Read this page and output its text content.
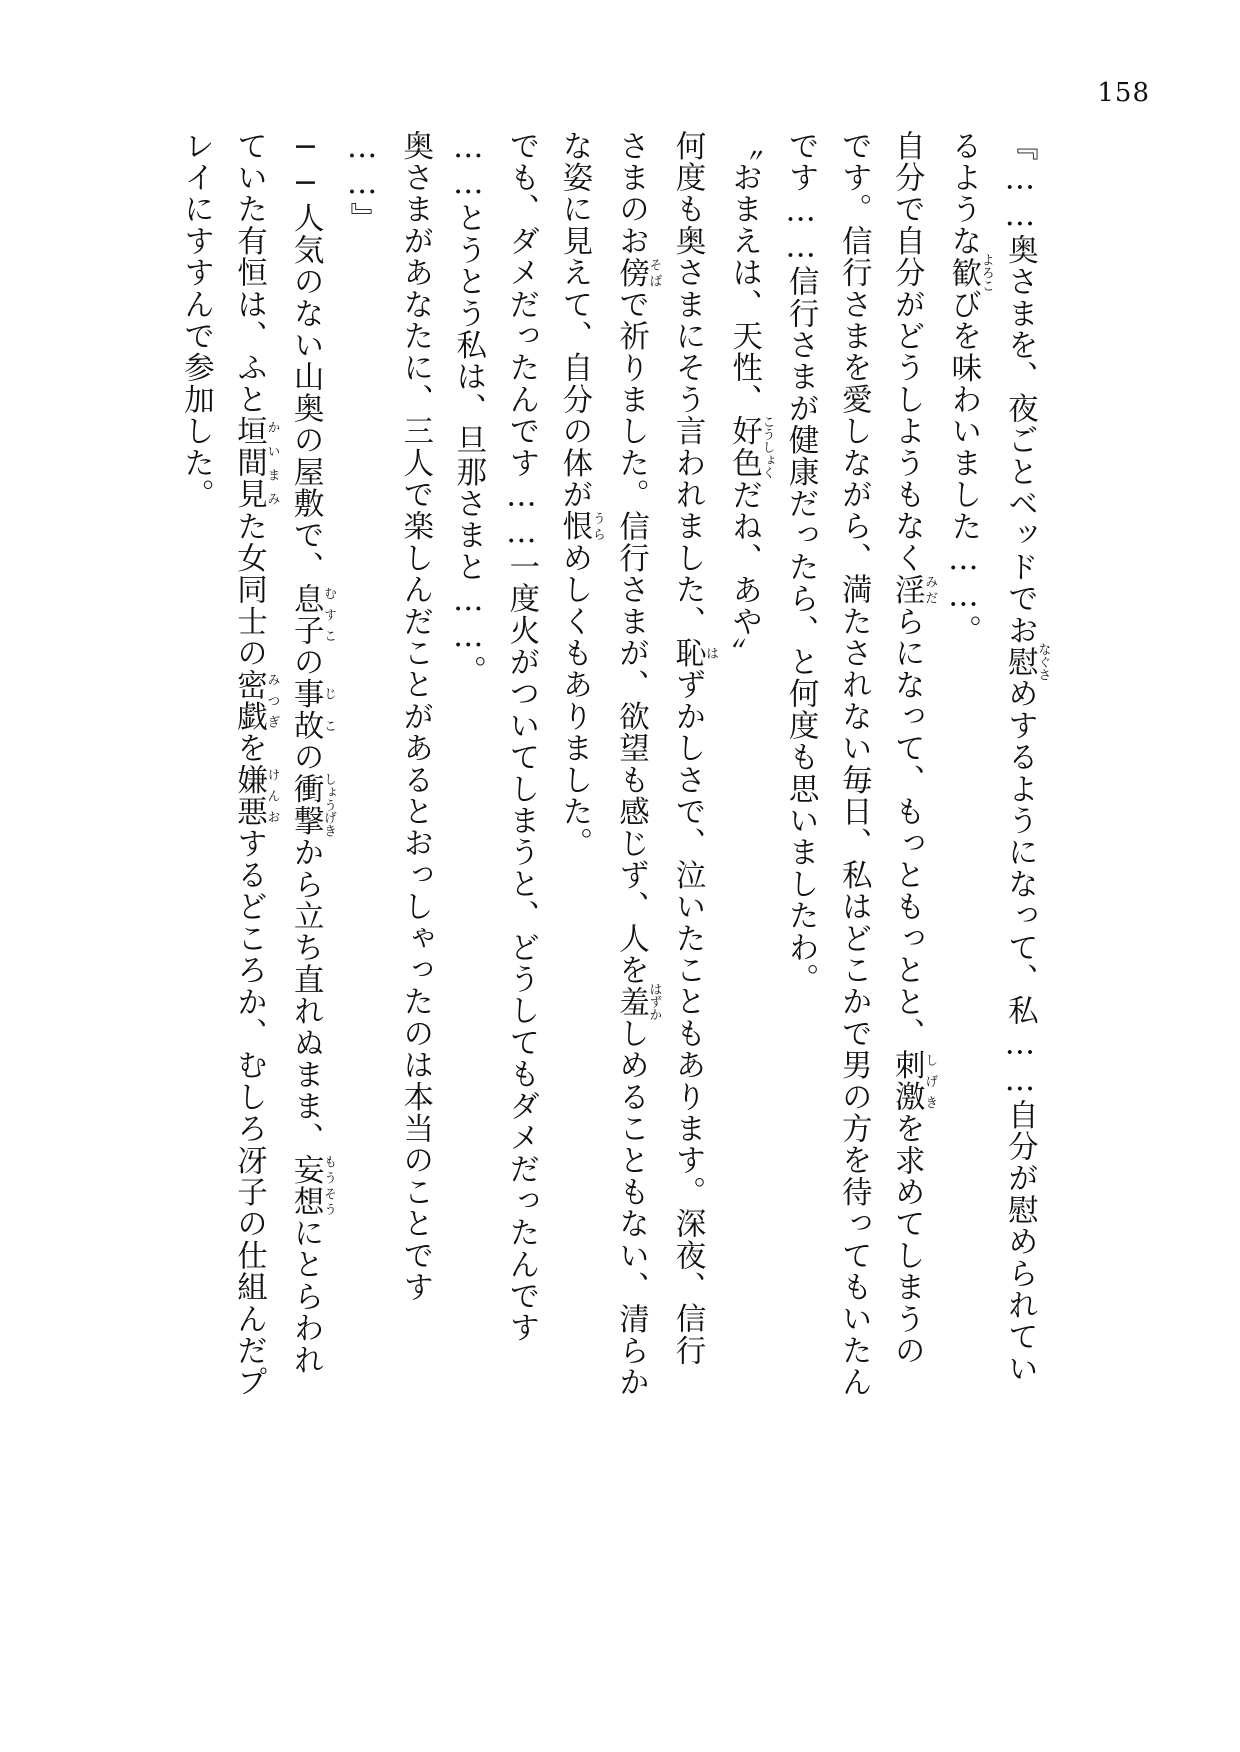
158

『……奥さまを、夜ごとベッドでお慰なぐさめするようになって、私……自分が慰められてい
るような歓よろこびを味わいました……。
自分で自分がどうしようもなく淫みだらになって、もっともっとと、刺激しげきを求めてしまうの
です。信行さまを愛しながら、満たされない毎日、私はどこかで男の方を待ってもいたん
です……信行さまが健康だったら、と何度も思いましたわ。
〝おまえは、天性、好色こうしょくだね、あや〟
何度も奥さまにそう言われました、恥はずかしさで、泣いたこともあります。深夜、信行
さまのお傍そばで祈りました。信行さまが、欲望も感じず、人を羞はずかしめることもない、清らか
な姿に見えて、自分の体が恨うらめしくもありました。
でも、ダメだったんです……一度火がついてしまうと、どうしてもダメだったんです
……とうとう私は、旦那さまと……。
奥さまがあなたに、三人で楽しんだことがあるとおっしゃったのは本当のことです
……』
──人気のない山奥の屋敷で、息子むすこの事故じこの衝撃しょうげきから立ち直れぬまま、妄想もうそうにとらわれ
ていた有恒は、ふと垣間見かいまみた女同士の密戯みつぎを嫌悪けんおするどころか、むしろ冴子の仕組んだプ
レイにすすんで参加した。
